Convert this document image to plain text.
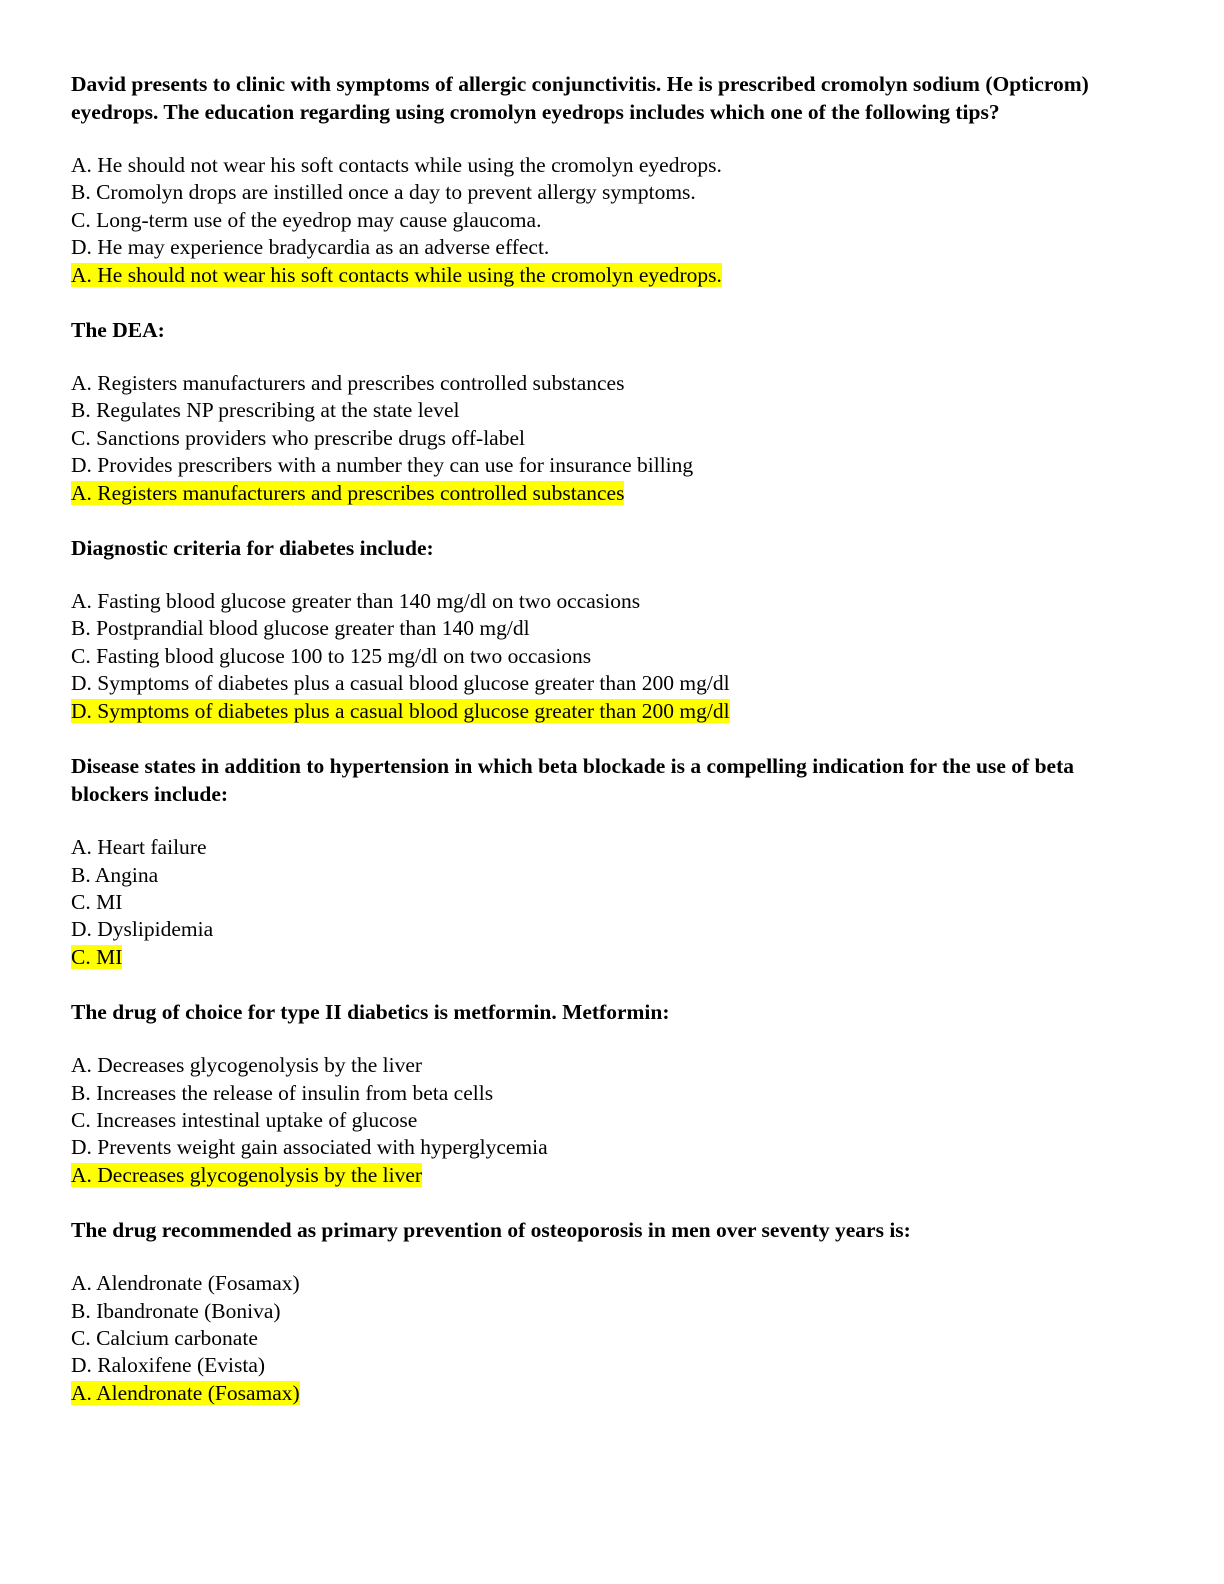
David presents to clinic with symptoms of allergic conjunctivitis. He is prescribed cromolyn sodium (Opticrom) eyedrops. The education regarding using cromolyn eyedrops includes which one of the following tips?

A. He should not wear his soft contacts while using the cromolyn eyedrops.

B. Cromolyn drops are instilled once a day to prevent allergy symptoms.

C. Long-term use of the eyedrop may cause glaucoma.

D. He may experience bradycardia as an adverse effect.

A. He should not wear his soft contacts while using the cromolyn eyedrops.

The DEA:

A. Registers manufacturers and prescribes controlled substances

B. Regulates NP prescribing at the state level

C. Sanctions providers who prescribe drugs off-label

D. Provides prescribers with a number they can use for insurance billing

A. Registers manufacturers and prescribes controlled substances

Diagnostic criteria for diabetes include:

A. Fasting blood glucose greater than 140 mg/dl on two occasions

B. Postprandial blood glucose greater than 140 mg/dl

C. Fasting blood glucose 100 to 125 mg/dl on two occasions

D. Symptoms of diabetes plus a casual blood glucose greater than 200 mg/dl

D. Symptoms of diabetes plus a casual blood glucose greater than 200 mg/dl

Disease states in addition to hypertension in which beta blockade is a compelling indication for the use of beta blockers include:

A. Heart failure

B. Angina

C. MI

D. Dyslipidemia

C. MI

The drug of choice for type II diabetics is metformin. Metformin:

A. Decreases glycogenolysis by the liver

B. Increases the release of insulin from beta cells

C. Increases intestinal uptake of glucose

D. Prevents weight gain associated with hyperglycemia

A. Decreases glycogenolysis by the liver

The drug recommended as primary prevention of osteoporosis in men over seventy years is:

A. Alendronate (Fosamax)

B. Ibandronate (Boniva)

C. Calcium carbonate

D. Raloxifene (Evista)

A. Alendronate (Fosamax)
